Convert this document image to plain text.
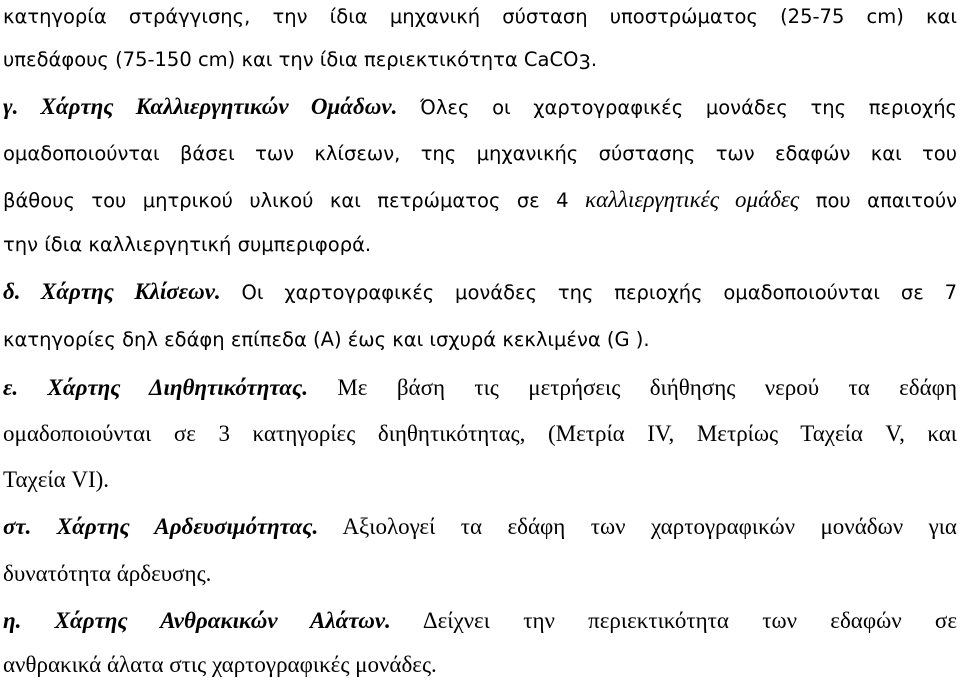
κατηγορία στράγγισης, την ίδια μηχανική σύσταση υποστρώματος (25-75 cm) και
υπεδάφους (75-150 cm) και την ίδια περιεκτικότητα CaCO$_3$.
γ. Χάρτης Καλλιεργητικών Ομάδων. Όλες οι χαρτογραφικές μονάδες της περιοχής
ομαδοποιούνται βάσει των κλίσεων, της μηχανικής σύστασης των εδαφών και του
βάθους του μητρικού υλικού και πετρώματος σε 4 καλλιεργητικές ομάδες που απαιτούν
την ίδια καλλιεργητική συμπεριφορά.
δ. Χάρτης Κλίσεων. Οι χαρτογραφικές μονάδες της περιοχής ομαδοποιούνται σε 7
κατηγορίες δηλ εδάφη επίπεδα (Α) έως και ισχυρά κεκλιμένα (G ).
ε. Χάρτης Διηθητικότητας. Με βάση τις μετρήσεις διήθησης νερού τα εδάφη
ομαδοποιούνται σε 3 κατηγορίες διηθητικότητας, (Μετρία IV, Μετρίως Ταχεία V, και
Ταχεία VI).
στ. Χάρτης Αρδευσιμότητας. Αξιολογεί τα εδάφη των χαρτογραφικών μονάδων για
δυνατότητα άρδευσης.
η. Χάρτης Ανθρακικών Αλάτων. Δείχνει την περιεκτικότητα των εδαφών σε
ανθρακικά άλατα στις χαρτογραφικές μονάδες.
